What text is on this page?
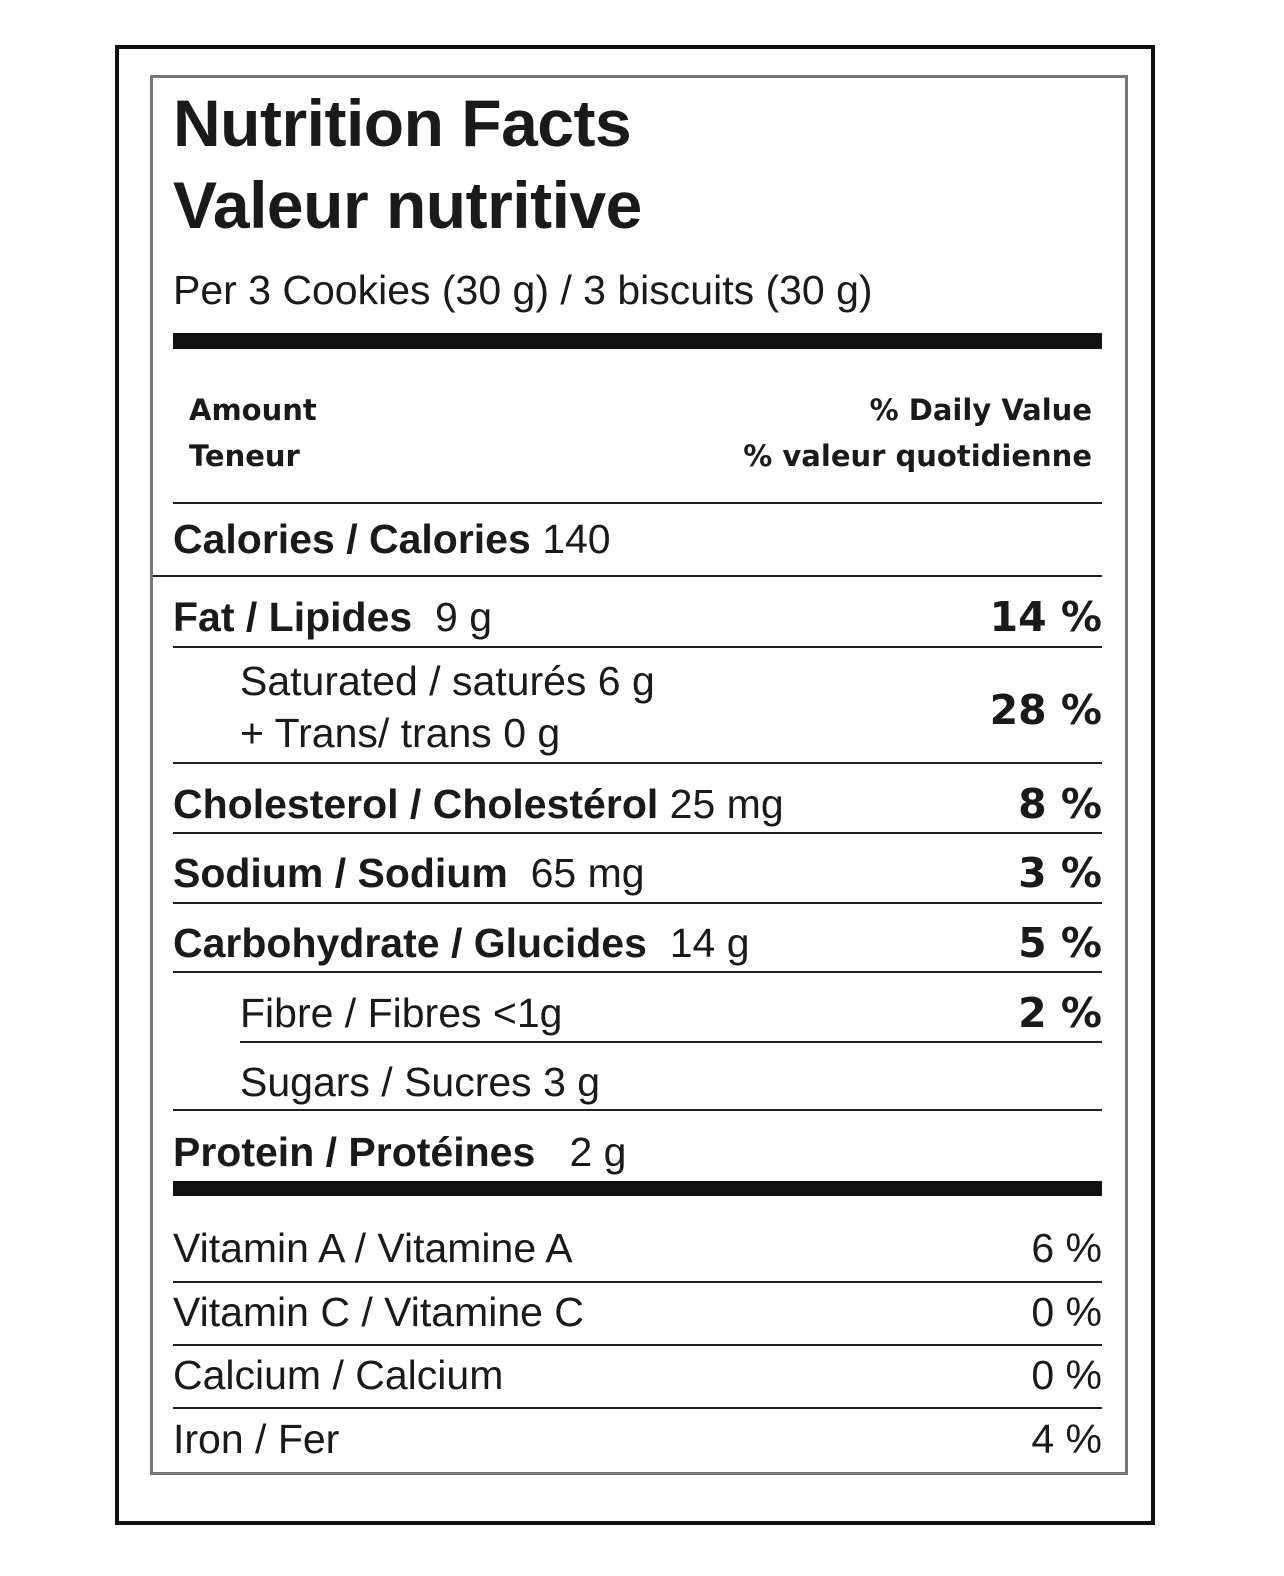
Nutrition Facts
Valeur nutritive
Per 3 Cookies (30 g) / 3 biscuits (30 g)
Amount
Teneur
% Daily Value
% valeur quotidienne
Calories / Calories 140
Fat / Lipides 9 g	14 %
Saturated / saturés 6 g
+ Trans/ trans 0 g	28 %
Cholesterol / Cholestérol 25 mg	8 %
Sodium / Sodium 65 mg	3 %
Carbohydrate / Glucides 14 g	5 %
Fibre / Fibres <1g	2 %
Sugars / Sucres 3 g
Protein / Protéines 2 g
Vitamin A / Vitamine A	6 %
Vitamin C / Vitamine C	0 %
Calcium / Calcium	0 %
Iron / Fer	4 %
